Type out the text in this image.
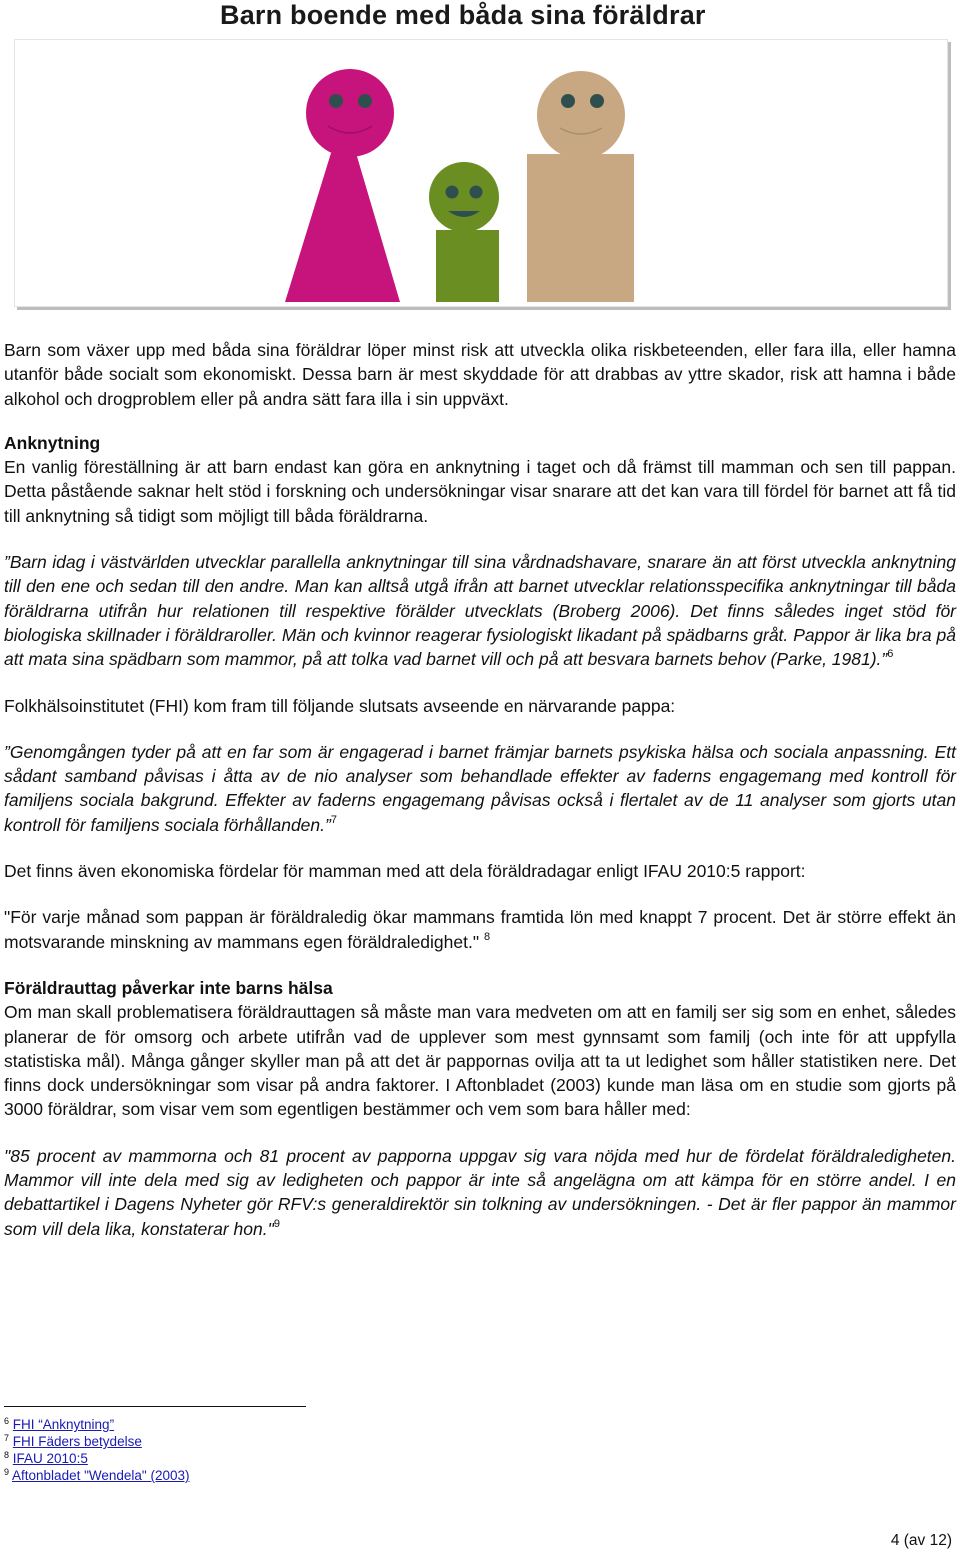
Barn boende med båda sina föräldrar

Barn som växer upp med båda sina föräldrar löper minst risk att utveckla olika riskbeteenden, eller fara illa, eller hamna utanför både socialt som ekonomiskt. Dessa barn är mest skyddade för att drabbas av yttre skador, risk att hamna i både alkohol och drogproblem eller på andra sätt fara illa i sin uppväxt.

Anknytning

En vanlig föreställning är att barn endast kan göra en anknytning i taget och då främst till mamman och sen till pappan. Detta påstående saknar helt stöd i forskning och undersökningar visar snarare att det kan vara till fördel för barnet att få tid till anknytning så tidigt som möjligt till båda föräldrarna.

”Barn idag i västvärlden utvecklar parallella anknytningar till sina vårdnadshavare, snarare än att först utveckla anknytning till den ene och sedan till den andre. Man kan alltså utgå ifrån att barnet utvecklar relationsspecifika anknytningar till båda föräldrarna utifrån hur relationen till respektive förälder utvecklats (Broberg 2006). Det finns således inget stöd för biologiska skillnader i föräldraroller. Män och kvinnor reagerar fysiologiskt likadant på spädbarns gråt. Pappor är lika bra på att mata sina spädbarn som mammor, på att tolka vad barnet vill och på att besvara barnets behov (Parke, 1981).”$^6$

Folkhälsoinstitutet (FHI) kom fram till följande slutsats avseende en närvarande pappa:

”Genomgången tyder på att en far som är engagerad i barnet främjar barnets psykiska hälsa och sociala anpassning. Ett sådant samband påvisas i åtta av de nio analyser som behandlade effekter av faderns engagemang med kontroll för familjens sociala bakgrund. Effekter av faderns engagemang påvisas också i flertalet av de 11 analyser som gjorts utan kontroll för familjens sociala förhållanden.”$^7$

Det finns även ekonomiska fördelar för mamman med att dela föräldradagar enligt IFAU 2010:5 rapport:

"För varje månad som pappan är föräldraledig ökar mammans framtida lön med knappt 7 procent. Det är större effekt än motsvarande minskning av mammans egen föräldraledighet." $^8$

Föräldrauttag påverkar inte barns hälsa

Om man skall problematisera föräldrauttagen så måste man vara medveten om att en familj ser sig som en enhet, således planerar de för omsorg och arbete utifrån vad de upplever som mest gynnsamt som familj (och inte för att uppfylla statistiska mål). Många gånger skyller man på att det är pappornas ovilja att ta ut ledighet som håller statistiken nere. Det finns dock undersökningar som visar på andra faktorer. I Aftonbladet (2003) kunde man läsa om en studie som gjorts på 3000 föräldrar, som visar vem som egentligen bestämmer och vem som bara håller med:

"85 procent av mammorna och 81 procent av papporna uppgav sig vara nöjda med hur de fördelat föräldraledigheten. Mammor vill inte dela med sig av ledigheten och pappor är inte så angelägna om att kämpa för en större andel. I en debattartikel i Dagens Nyheter gör RFV:s generaldirektör sin tolkning av undersökningen. - Det är fler pappor än mammor som vill dela lika, konstaterar hon."$^9$

$^6$ FHI “Anknytning”
$^7$ FHI Fäders betydelse
$^8$ IFAU 2010:5
$^9$ Aftonbladet "Wendela" (2003)
4 (av 12)
